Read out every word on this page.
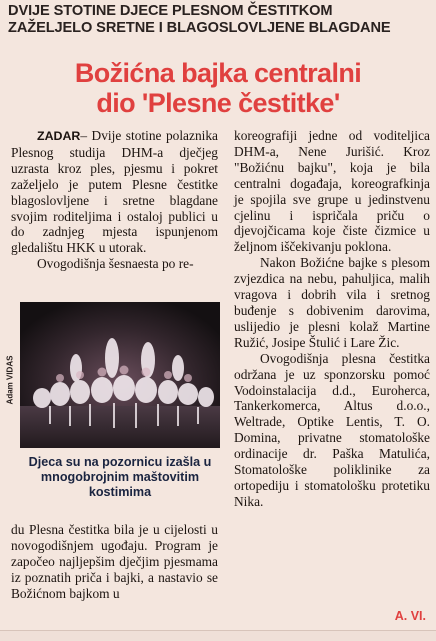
DVIJE STOTINE DJECE PLESNOM ČESTITKOM
ZAŽELJELO SRETNE I BLAGOSLOVLJENE BLAGDANE
Božićna bajka centralni
dio 'Plesne čestitke'

ZADAR– Dvije stotine polaznika Plesnog studija DHM-a dječjeg uzrasta kroz ples, pjesmu i pokret zaželjelo je putem Plesne čestitke blagoslovljene i sretne blagdane svojim roditeljima i ostaloj publici u do zadnjeg mjesta ispunjenom gledalištu HKK u utorak.

Ovogodišnja šesnaesta po re-

Adam VIDAS
Djeca su na pozornicu izašla u mnogobrojnim maštovitim kostimima

du Plesna čestitka bila je u cijelosti u novogodišnjem ugođaju. Program je započeo najljepšim dječjim pjesmama iz poznatih priča i bajki, a nastavio se Božićnom bajkom u

koreografiji jedne od voditeljica DHM-a, Nene Jurišić. Kroz "Božićnu bajku", koja je bila centralni događaja, koreografkinja je spojila sve grupe u jedinstvenu cjelinu i ispričala priču o djevojčicama koje čiste čizmice u željnom iščekivanju poklona.

Nakon Božićne bajke s plesom zvjezdica na nebu, pahuljica, malih vragova i dobrih vila i sretnog buđenje s dobivenim darovima, uslijedio je plesni kolaž Martine Ružić, Josipe Štulić i Lare Žic.

Ovogodišnja plesna čestitka održana je uz sponzorsku pomoć Vodoinstalacija d.d., Euroherca, Tankerkomerca, Altus d.o.o., Weltrade, Optike Lentis, T. O. Domina, privatne stomatološke ordinacije dr. Paška Matulića, Stomatološke poliklinike za ortopediju i stomatološku protetiku Nika.

A. VI.
